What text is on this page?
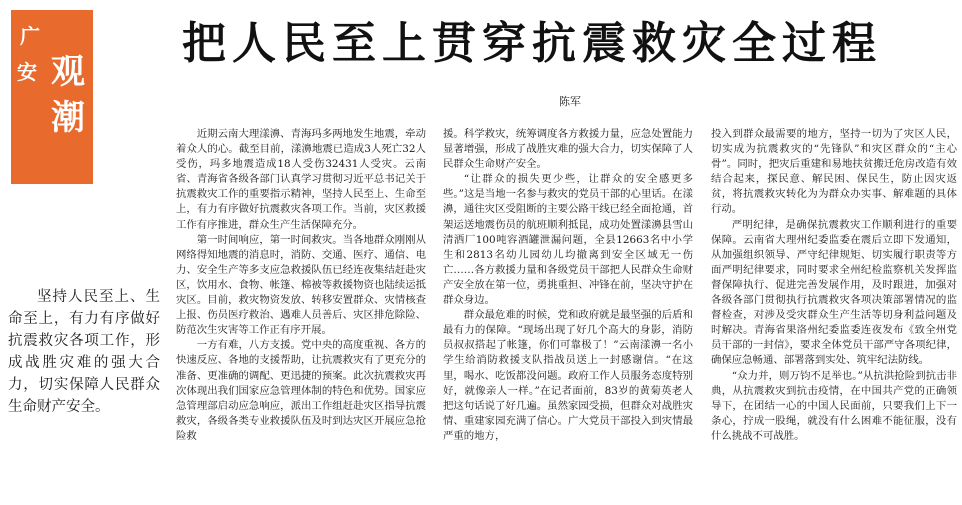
广
安 观
潮
把人民至上贯穿抗震救灾全过程
陈军
坚持人民至上、生命至上，有力有序做好抗震救灾各项工作，形成战胜灾难的强大合力，切实保障人民群众生命财产安全。

近期云南大理漾濞、青海玛多两地发生地震，牵动着众人的心。截至目前，漾濞地震已造成3人死亡32人受伤，玛多地震造成18人受伤32431人受灾。云南省、青海省各级各部门认真学习贯彻习近平总书记关于抗震救灾工作的重要指示精神，坚持人民至上、生命至上，有力有序做好抗震救灾各项工作。当前，灾区救援工作有序推进，群众生产生活保障充分。

第一时间响应，第一时间救灾。当各地群众刚刚从网络得知地震的消息时，消防、交通、医疗、通信、电力、安全生产等多支应急救援队伍已经连夜集结赶赴灾区，饮用水、食物、帐篷、棉被等救援物资也陆续运抵灾区。目前，救灾物资发放、转移安置群众、灾情核查上报、伤员医疗救治、遇难人员善后、灾区排危除险、防范次生灾害等工作正有序开展。

一方有难，八方支援。党中央的高度重视、各方的快速反应、各地的支援帮助，让抗震救灾有了更充分的准备、更准确的调配、更迅捷的预案。此次抗震救灾再次体现出我们国家应急管理体制的特色和优势。国家应急管理部启动应急响应，派出工作组赶赴灾区指导抗震救灾，各级各类专业救援队伍及时到达灾区开展应急抢险救

援。科学救灾，统筹调度各方救援力量，应急处置能力显著增强，形成了战胜灾难的强大合力，切实保障了人民群众生命财产安全。

“让群众的损失更少些，让群众的安全感更多些。”这是当地一名参与救灾的党员干部的心里话。在漾濞，通往灾区受阻断的主要公路干线已经全面抢通，首架运送地震伤员的航班顺利抵昆，成功处置漾濞县雪山清洒厂100吨容酒罐泄漏问题，全县12663名中小学生和2813名幼儿园幼儿均撤离到安全区域无一伤亡……各方救援力量和各级党员干部把人民群众生命财产安全放在第一位，勇挑重担、冲锋在前，坚决守护在群众身边。

群众最危难的时候，党和政府就是最坚强的后盾和最有力的保障。“现场出现了好几个高大的身影，消防员叔叔搭起了帐篷，你们可靠极了！”云南漾濞一名小学生给消防救援支队指战员送上一封感谢信。“在这里，喝水、吃饭都没问题。政府工作人员服务态度特别好，就像亲人一样。”在记者面前，83岁的黄菊英老人把这句话说了好几遍。虽然家园受损，但群众对战胜灾情、重建家园充满了信心。广大党员干部投入到灾情最严重的地方，

投入到群众最需要的地方，坚持一切为了灾区人民，切实成为抗震救灾的“先锋队”和灾区群众的“主心骨”。同时，把灾后重建和易地扶贫搬迁危房改造有效结合起来，探民意、解民困、保民生，防止因灾返贫，将抗震救灾转化为为群众办实事、解难题的具体行动。

严明纪律，是确保抗震救灾工作顺利进行的重要保障。云南省大理州纪委监委在震后立即下发通知，从加强组织领导、严守纪律规矩、切实履行职责等方面严明纪律要求，同时要求全州纪检监察机关发挥监督保障执行、促进完善发展作用，及时跟进，加强对各级各部门贯彻执行抗震救灾各项决策部署情况的监督检查，对涉及受灾群众生产生活等切身利益问题及时解决。青海省果洛州纪委监委连夜发布《致全州党员干部的一封信》，要求全体党员干部严守各项纪律，确保应急畅通、部署落到实处、筑牢纪法防线。

“众力并，则万钧不足举也。”从抗洪抢险到抗击非典，从抗震救灾到抗击疫情，在中国共产党的正确领导下，在团结一心的中国人民面前，只要我们上下一条心，拧成一股绳，就没有什么困难不能征服，没有什么挑战不可战胜。
